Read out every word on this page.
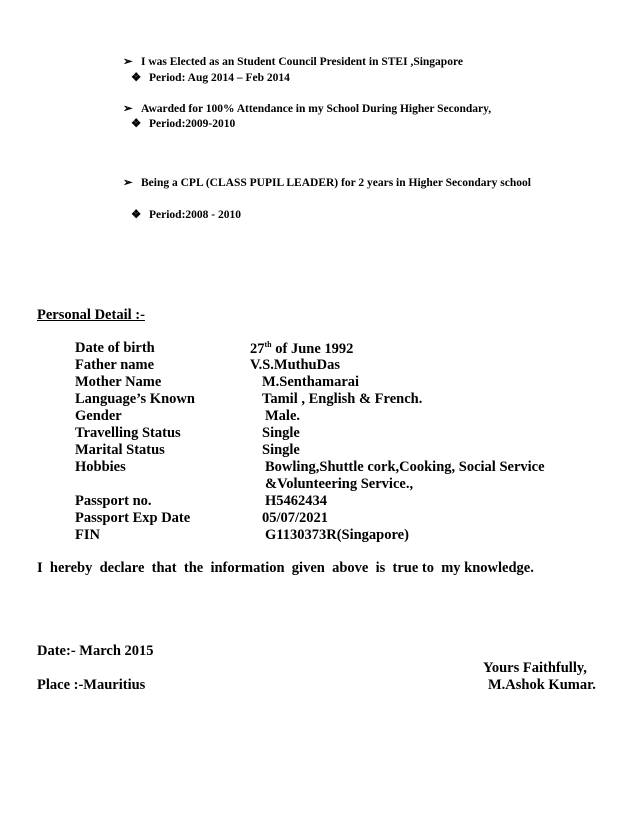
➢ I was Elected as an Student Council President in STEI ,Singapore
❖ Period: Aug 2014 – Feb 2014
➢ Awarded for 100% Attendance in my School During Higher Secondary,
❖ Period:2009-2010
➢ Being a CPL (CLASS PUPIL LEADER) for 2 years in Higher Secondary school
❖ Period:2008 - 2010
Personal Detail :-
Date of birth	27th of June 1992
Father name	V.S.MuthuDas
Mother Name	M.Senthamarai
Language’s Known	Tamil , English & French.
Gender	Male.
Travelling Status	Single
Marital Status	Single
Hobbies	Bowling,Shuttle cork,Cooking, Social Service
&Volunteering Service.,
Passport no.	H5462434
Passport Exp Date	05/07/2021
FIN	G1130373R(Singapore)
I  hereby  declare  that  the  information  given  above  is  true to  my knowledge.
Date:- March 2015
Yours Faithfully,
Place :-Mauritius	M.Ashok Kumar.
